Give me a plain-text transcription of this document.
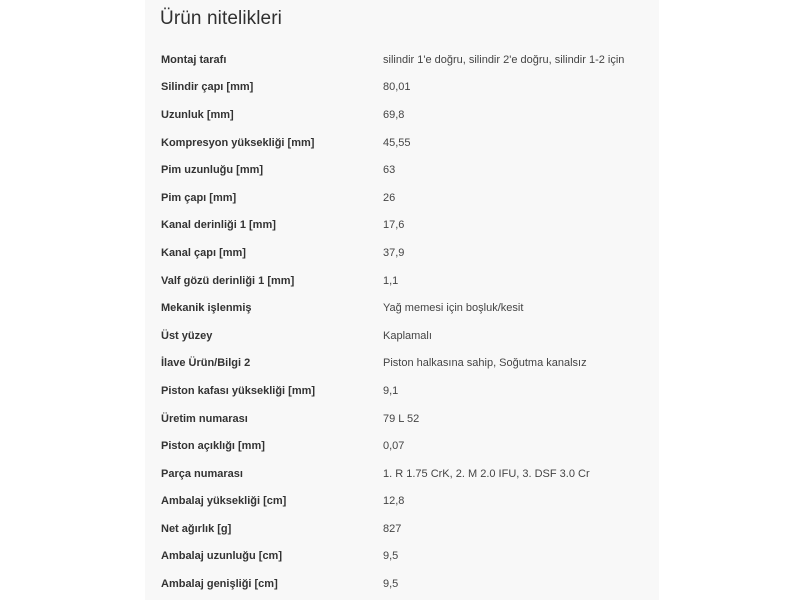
Ürün nitelikleri
Montaj tarafı	silindir 1'e doğru, silindir 2'e doğru, silindir 1-2 için
Silindir çapı [mm]	80,01
Uzunluk [mm]	69,8
Kompresyon yüksekliği [mm]	45,55
Pim uzunluğu [mm]	63
Pim çapı [mm]	26
Kanal derinliği 1 [mm]	17,6
Kanal çapı [mm]	37,9
Valf gözü derinliği 1 [mm]	1,1
Mekanik işlenmiş	Yağ memesi için boşluk/kesit
Üst yüzey	Kaplamalı
İlave Ürün/Bilgi 2	Piston halkasına sahip, Soğutma kanalsız
Piston kafası yüksekliği [mm]	9,1
Üretim numarası	79 L 52
Piston açıklığı [mm]	0,07
Parça numarası	1. R 1.75 CrK, 2. M 2.0 IFU, 3. DSF 3.0 Cr
Ambalaj yüksekliği [cm]	12,8
Net ağırlık [g]	827
Ambalaj uzunluğu [cm]	9,5
Ambalaj genişliği [cm]	9,5
